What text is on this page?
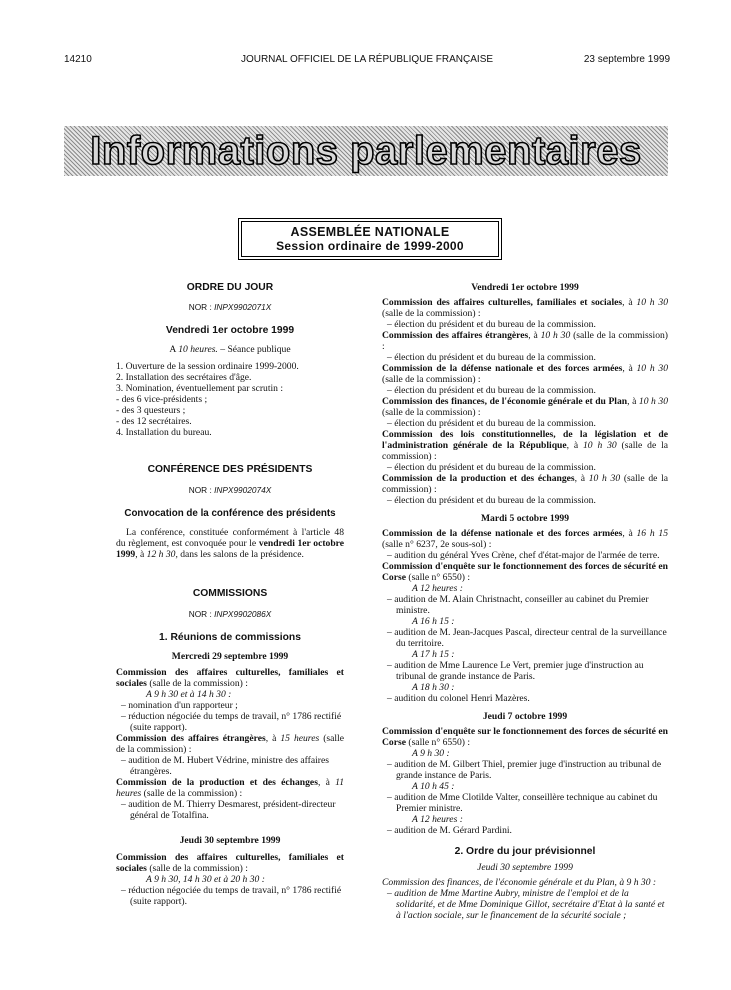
14210	JOURNAL OFFICIEL DE LA RÉPUBLIQUE FRANÇAISE	23 septembre 1999
Informations parlementaires
ASSEMBLÉE NATIONALE
Session ordinaire de 1999-2000
ORDRE DU JOUR
NOR : INPX9902071X
Vendredi 1er octobre 1999
A 10 heures. – Séance publique
1. Ouverture de la session ordinaire 1999-2000.
2. Installation des secrétaires d'âge.
3. Nomination, éventuellement par scrutin :
- des 6 vice-présidents ;
- des 3 questeurs ;
- des 12 secrétaires.
4. Installation du bureau.
CONFÉRENCE DES PRÉSIDENTS
NOR : INPX9902074X
Convocation de la conférence des présidents
La conférence, constituée conformément à l'article 48 du règlement, est convoquée pour le vendredi 1er octobre 1999, à 12 h 30, dans les salons de la présidence.
COMMISSIONS
NOR : INPX9902086X
1. Réunions de commissions
Mercredi 29 septembre 1999
Commission des affaires culturelles, familiales et sociales (salle de la commission) :
A 9 h 30 et à 14 h 30 :
– nomination d'un rapporteur ;
– réduction négociée du temps de travail, n° 1786 rectifié (suite rapport).
Commission des affaires étrangères, à 15 heures (salle de la commission) :
– audition de M. Hubert Védrine, ministre des affaires étrangères.
Commission de la production et des échanges, à 11 heures (salle de la commission) :
– audition de M. Thierry Desmarest, président-directeur général de Totalfina.
Jeudi 30 septembre 1999
Commission des affaires culturelles, familiales et sociales (salle de la commission) :
A 9 h 30, 14 h 30 et à 20 h 30 :
– réduction négociée du temps de travail, n° 1786 rectifié (suite rapport).
Vendredi 1er octobre 1999
Commission des affaires culturelles, familiales et sociales, à 10 h 30 (salle de la commission) :
– élection du président et du bureau de la commission.
Commission des affaires étrangères, à 10 h 30 (salle de la commission) :
– élection du président et du bureau de la commission.
Commission de la défense nationale et des forces armées, à 10 h 30 (salle de la commission) :
– élection du président et du bureau de la commission.
Commission des finances, de l'économie générale et du Plan, à 10 h 30 (salle de la commission) :
– élection du président et du bureau de la commission.
Commission des lois constitutionnelles, de la législation et de l'administration générale de la République, à 10 h 30 (salle de la commission) :
– élection du président et du bureau de la commission.
Commission de la production et des échanges, à 10 h 30 (salle de la commission) :
– élection du président et du bureau de la commission.
Mardi 5 octobre 1999
Commission de la défense nationale et des forces armées, à 16 h 15 (salle n° 6237, 2e sous-sol) :
– audition du général Yves Crène, chef d'état-major de l'armée de terre.
Commission d'enquête sur le fonctionnement des forces de sécurité en Corse (salle n° 6550) :
A 12 heures :
– audition de M. Alain Christnacht, conseiller au cabinet du Premier ministre.
A 16 h 15 :
– audition de M. Jean-Jacques Pascal, directeur central de la surveillance du territoire.
A 17 h 15 :
– audition de Mme Laurence Le Vert, premier juge d'instruction au tribunal de grande instance de Paris.
A 18 h 30 :
– audition du colonel Henri Mazères.
Jeudi 7 octobre 1999
Commission d'enquête sur le fonctionnement des forces de sécurité en Corse (salle n° 6550) :
A 9 h 30 :
– audition de M. Gilbert Thiel, premier juge d'instruction au tribunal de grande instance de Paris.
A 10 h 45 :
– audition de Mme Clotilde Valter, conseillère technique au cabinet du Premier ministre.
A 12 heures :
– audition de M. Gérard Pardini.
2. Ordre du jour prévisionnel
Jeudi 30 septembre 1999
Commission des finances, de l'économie générale et du Plan, à 9 h 30 :
– audition de Mme Martine Aubry, ministre de l'emploi et de la solidarité, et de Mme Dominique Gillot, secrétaire d'Etat à la santé et à l'action sociale, sur le financement de la sécurité sociale ;
